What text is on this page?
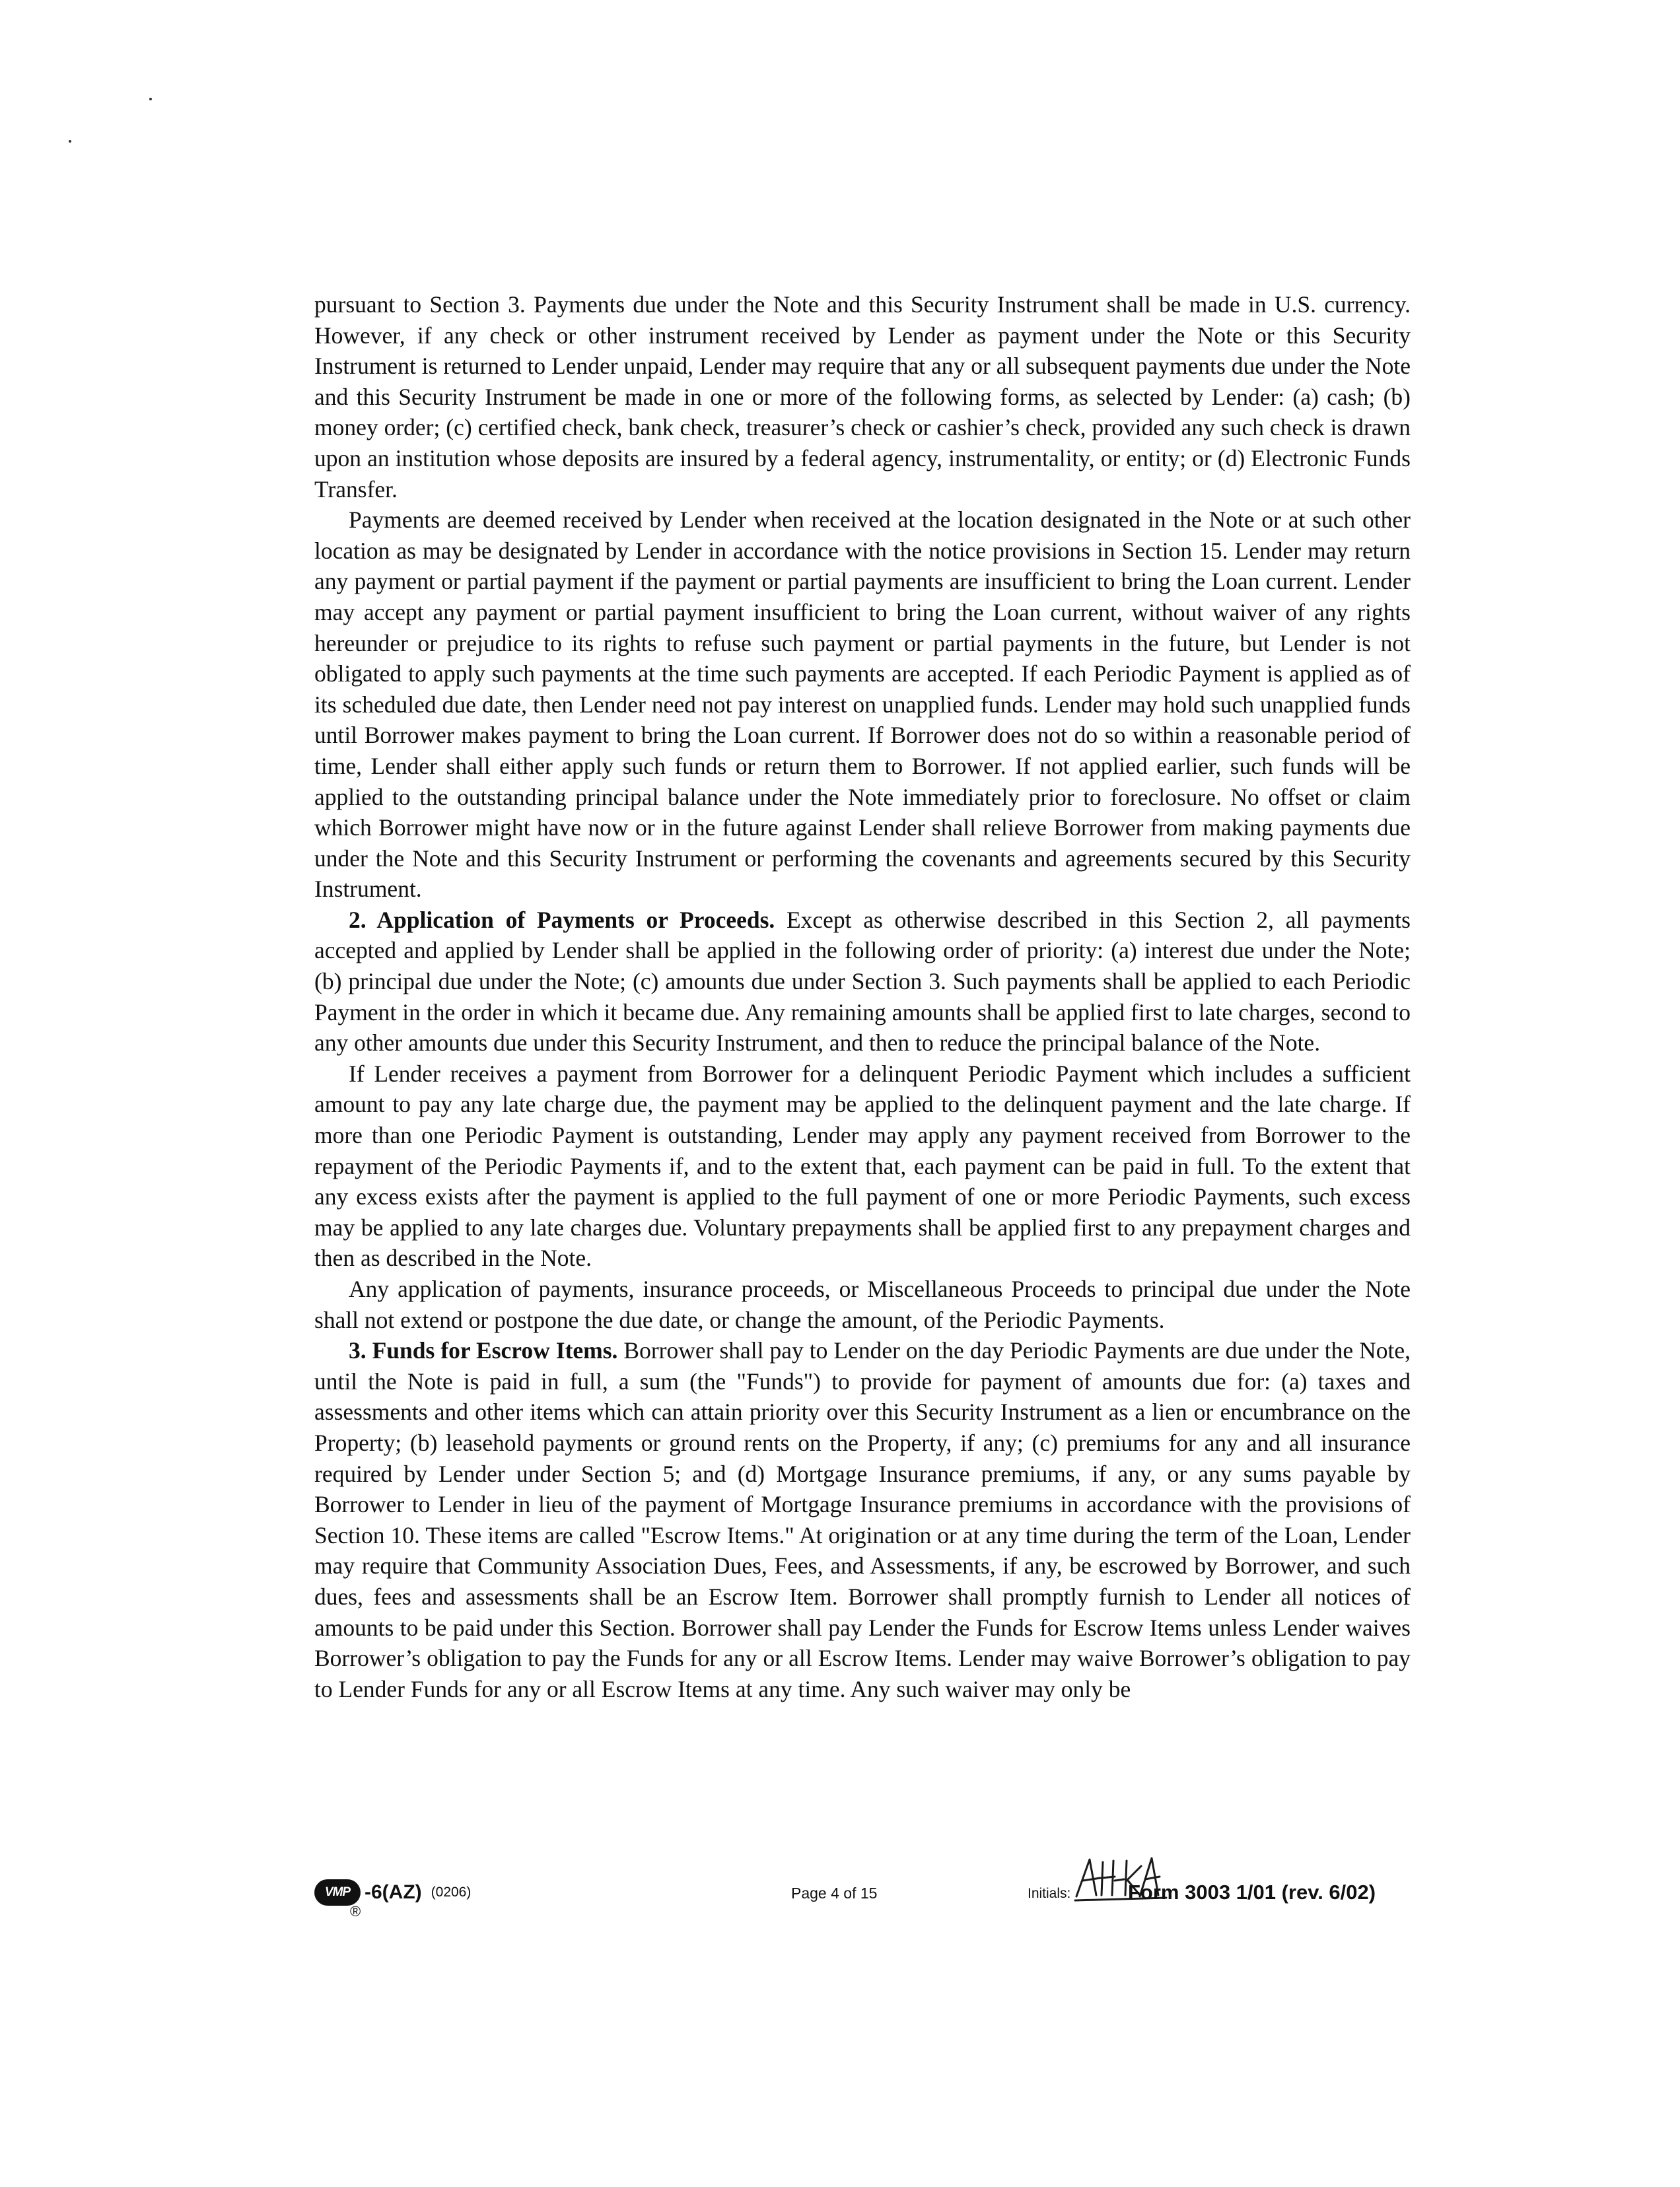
pursuant to Section 3. Payments due under the Note and this Security Instrument shall be made in U.S. currency. However, if any check or other instrument received by Lender as payment under the Note or this Security Instrument is returned to Lender unpaid, Lender may require that any or all subsequent payments due under the Note and this Security Instrument be made in one or more of the following forms, as selected by Lender: (a) cash; (b) money order; (c) certified check, bank check, treasurer’s check or cashier’s check, provided any such check is drawn upon an institution whose deposits are insured by a federal agency, instrumentality, or entity; or (d) Electronic Funds Transfer.

Payments are deemed received by Lender when received at the location designated in the Note or at such other location as may be designated by Lender in accordance with the notice provisions in Section 15. Lender may return any payment or partial payment if the payment or partial payments are insufficient to bring the Loan current. Lender may accept any payment or partial payment insufficient to bring the Loan current, without waiver of any rights hereunder or prejudice to its rights to refuse such payment or partial payments in the future, but Lender is not obligated to apply such payments at the time such payments are accepted. If each Periodic Payment is applied as of its scheduled due date, then Lender need not pay interest on unapplied funds. Lender may hold such unapplied funds until Borrower makes payment to bring the Loan current. If Borrower does not do so within a reasonable period of time, Lender shall either apply such funds or return them to Borrower. If not applied earlier, such funds will be applied to the outstanding principal balance under the Note immediately prior to foreclosure. No offset or claim which Borrower might have now or in the future against Lender shall relieve Borrower from making payments due under the Note and this Security Instrument or performing the covenants and agreements secured by this Security Instrument.

2. Application of Payments or Proceeds. Except as otherwise described in this Section 2, all payments accepted and applied by Lender shall be applied in the following order of priority: (a) interest due under the Note; (b) principal due under the Note; (c) amounts due under Section 3. Such payments shall be applied to each Periodic Payment in the order in which it became due. Any remaining amounts shall be applied first to late charges, second to any other amounts due under this Security Instrument, and then to reduce the principal balance of the Note.

If Lender receives a payment from Borrower for a delinquent Periodic Payment which includes a sufficient amount to pay any late charge due, the payment may be applied to the delinquent payment and the late charge. If more than one Periodic Payment is outstanding, Lender may apply any payment received from Borrower to the repayment of the Periodic Payments if, and to the extent that, each payment can be paid in full. To the extent that any excess exists after the payment is applied to the full payment of one or more Periodic Payments, such excess may be applied to any late charges due. Voluntary prepayments shall be applied first to any prepayment charges and then as described in the Note.

Any application of payments, insurance proceeds, or Miscellaneous Proceeds to principal due under the Note shall not extend or postpone the due date, or change the amount, of the Periodic Payments.

3. Funds for Escrow Items. Borrower shall pay to Lender on the day Periodic Payments are due under the Note, until the Note is paid in full, a sum (the "Funds") to provide for payment of amounts due for: (a) taxes and assessments and other items which can attain priority over this Security Instrument as a lien or encumbrance on the Property; (b) leasehold payments or ground rents on the Property, if any; (c) premiums for any and all insurance required by Lender under Section 5; and (d) Mortgage Insurance premiums, if any, or any sums payable by Borrower to Lender in lieu of the payment of Mortgage Insurance premiums in accordance with the provisions of Section 10. These items are called "Escrow Items." At origination or at any time during the term of the Loan, Lender may require that Community Association Dues, Fees, and Assessments, if any, be escrowed by Borrower, and such dues, fees and assessments shall be an Escrow Item. Borrower shall promptly furnish to Lender all notices of amounts to be paid under this Section. Borrower shall pay Lender the Funds for Escrow Items unless Lender waives Borrower’s obligation to pay the Funds for any or all Escrow Items. Lender may waive Borrower’s obligation to pay to Lender Funds for any or all Escrow Items at any time. Any such waiver may only be

VMP
®
-6(AZ) (0206)	Page 4 of 15	Initials:	Form 3003 1/01 (rev. 6/02)
